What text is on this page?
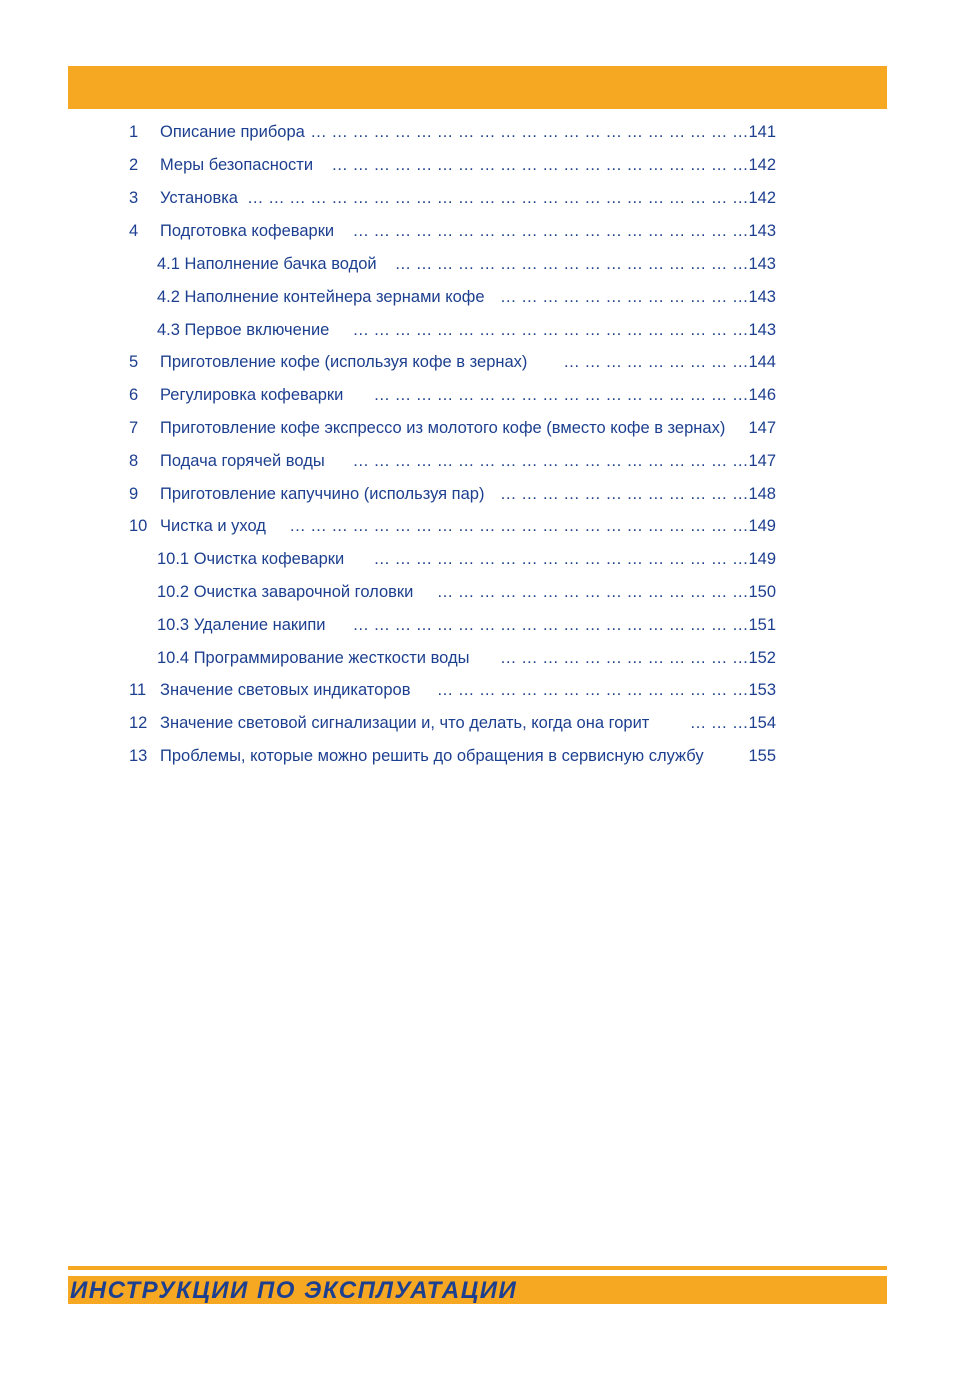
1 Описание прибора … … … … … … … … … … … … … … … … … … … … …141
2 Меры безопасности … … … … … … … … … … … … … … … … … … … …142
3 Установка … … … … … … … … … … … … … … … … … … … … … … … …142
4 Подготовка кофеварки … … … … … … … … … … … … … … … … … … …143
4.1 Наполнение бачка водой … … … … … … … … … … … … … … … … …143
4.2 Наполнение контейнера зернами кофе … … … … … … … … … … … …143
4.3 Первое включение … … … … … … … … … … … … … … … … … … …143
5 Приготовление кофе (используя кофе в зернах) … … … … … … … … …144
6 Регулировка кофеварки … … … … … … … … … … … … … … … … … …146
7 Приготовление кофе экспрессо из молотого кофе (вместо кофе в зернах) 147
8 Подача горячей воды … … … … … … … … … … … … … … … … … … …147
9 Приготовление капуччино (используя пар) … … … … … … … … … … … …148
10 Чистка и уход … … … … … … … … … … … … … … … … … … … … … …149
10.1 Очистка кофеварки … … … … … … … … … … … … … … … … … …149
10.2 Очистка заварочной головки … … … … … … … … … … … … … … …150
10.3 Удаление накипи … … … … … … … … … … … … … … … … … … …151
10.4 Программирование жесткости воды … … … … … … … … … … … …152
11 Значение световых индикаторов … … … … … … … … … … … … … … …153
12 Значение световой сигнализации и, что делать, когда она горит … … …154
13 Проблемы, которые можно решить до обращения в сервисную службу	155
ИНСТРУКЦИИ ПО ЭКСПЛУАТАЦИИ
